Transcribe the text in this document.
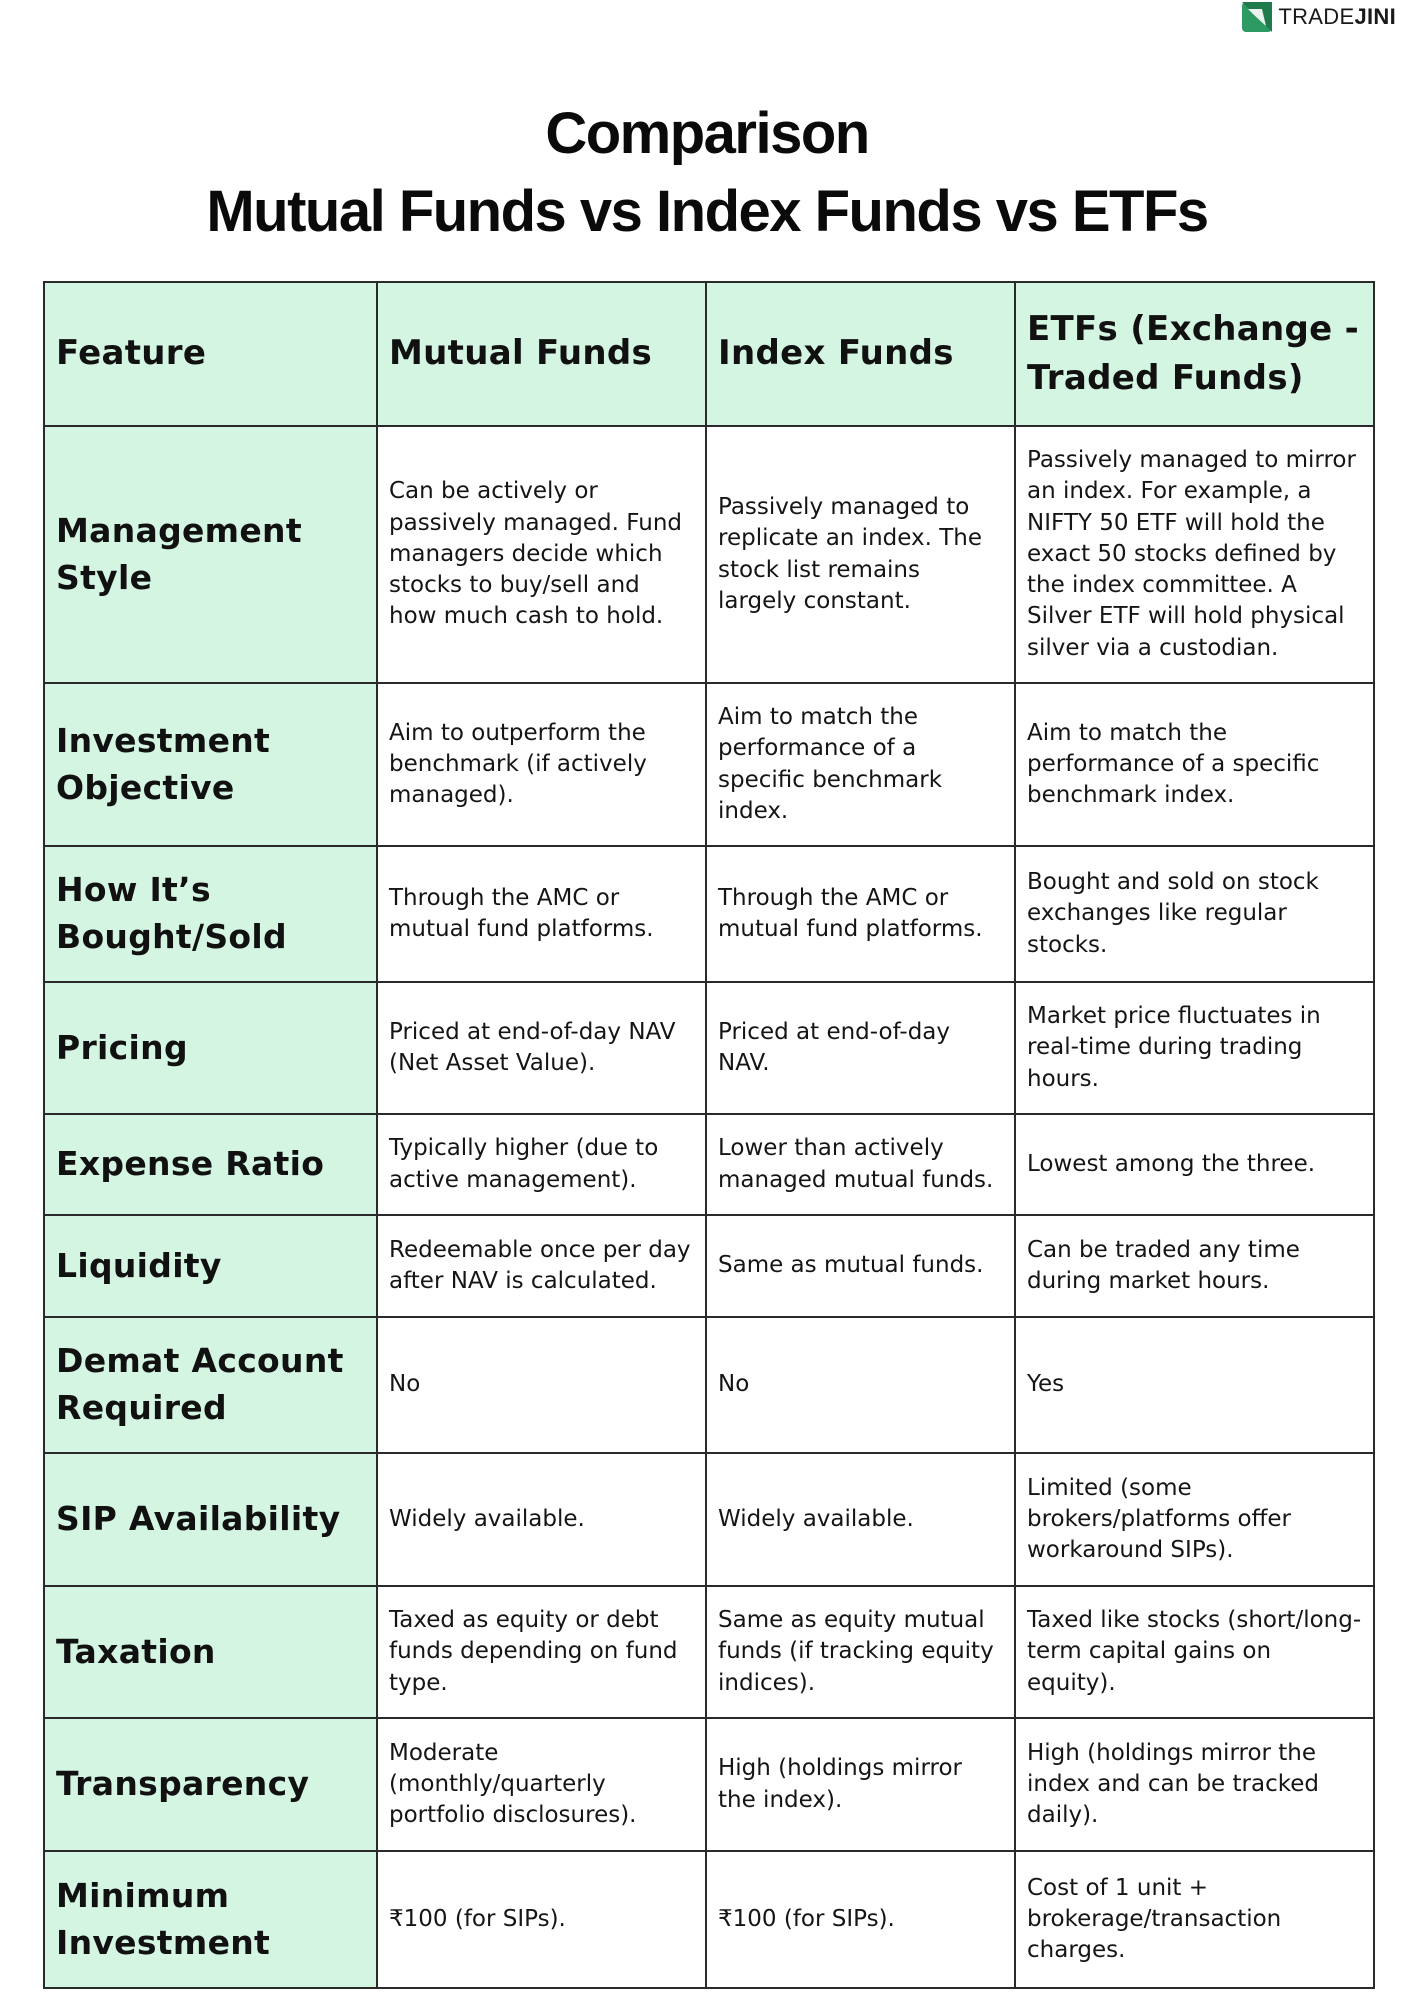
TRADEJINI
Comparison
Mutual Funds vs Index Funds vs ETFs
Feature	Mutual Funds	Index Funds	ETFs (Exchange -Traded Funds)
Management Style	Can be actively or passively managed. Fund managers decide which stocks to buy/sell and how much cash to hold.	Passively managed to replicate an index. The stock list remains largely constant.	Passively managed to mirror an index. For example, a NIFTY 50 ETF will hold the exact 50 stocks defined by the index committee. A Silver ETF will hold physical silver via a custodian.
Investment Objective	Aim to outperform the benchmark (if actively managed).	Aim to match the performance of a specific benchmark index.	Aim to match the performance of a specific benchmark index.
How It’s Bought/Sold	Through the AMC or mutual fund platforms.	Through the AMC or mutual fund platforms.	Bought and sold on stock exchanges like regular stocks.
Pricing	Priced at end-of-day NAV (Net Asset Value).	Priced at end-of-day NAV.	Market price fluctuates in real-time during trading hours.
Expense Ratio	Typically higher (due to active management).	Lower than actively managed mutual funds.	Lowest among the three.
Liquidity	Redeemable once per day after NAV is calculated.	Same as mutual funds.	Can be traded any time during market hours.
Demat Account Required	No	No	Yes
SIP Availability	Widely available.	Widely available.	Limited (some brokers/platforms offer workaround SIPs).
Taxation	Taxed as equity or debt funds depending on fund type.	Same as equity mutual funds (if tracking equity indices).	Taxed like stocks (short/long-term capital gains on equity).
Transparency	Moderate (monthly/quarterly portfolio disclosures).	High (holdings mirror the index).	High (holdings mirror the index and can be tracked daily).
Minimum Investment	₹100 (for SIPs).	₹100 (for SIPs).	Cost of 1 unit + brokerage/transaction charges.
